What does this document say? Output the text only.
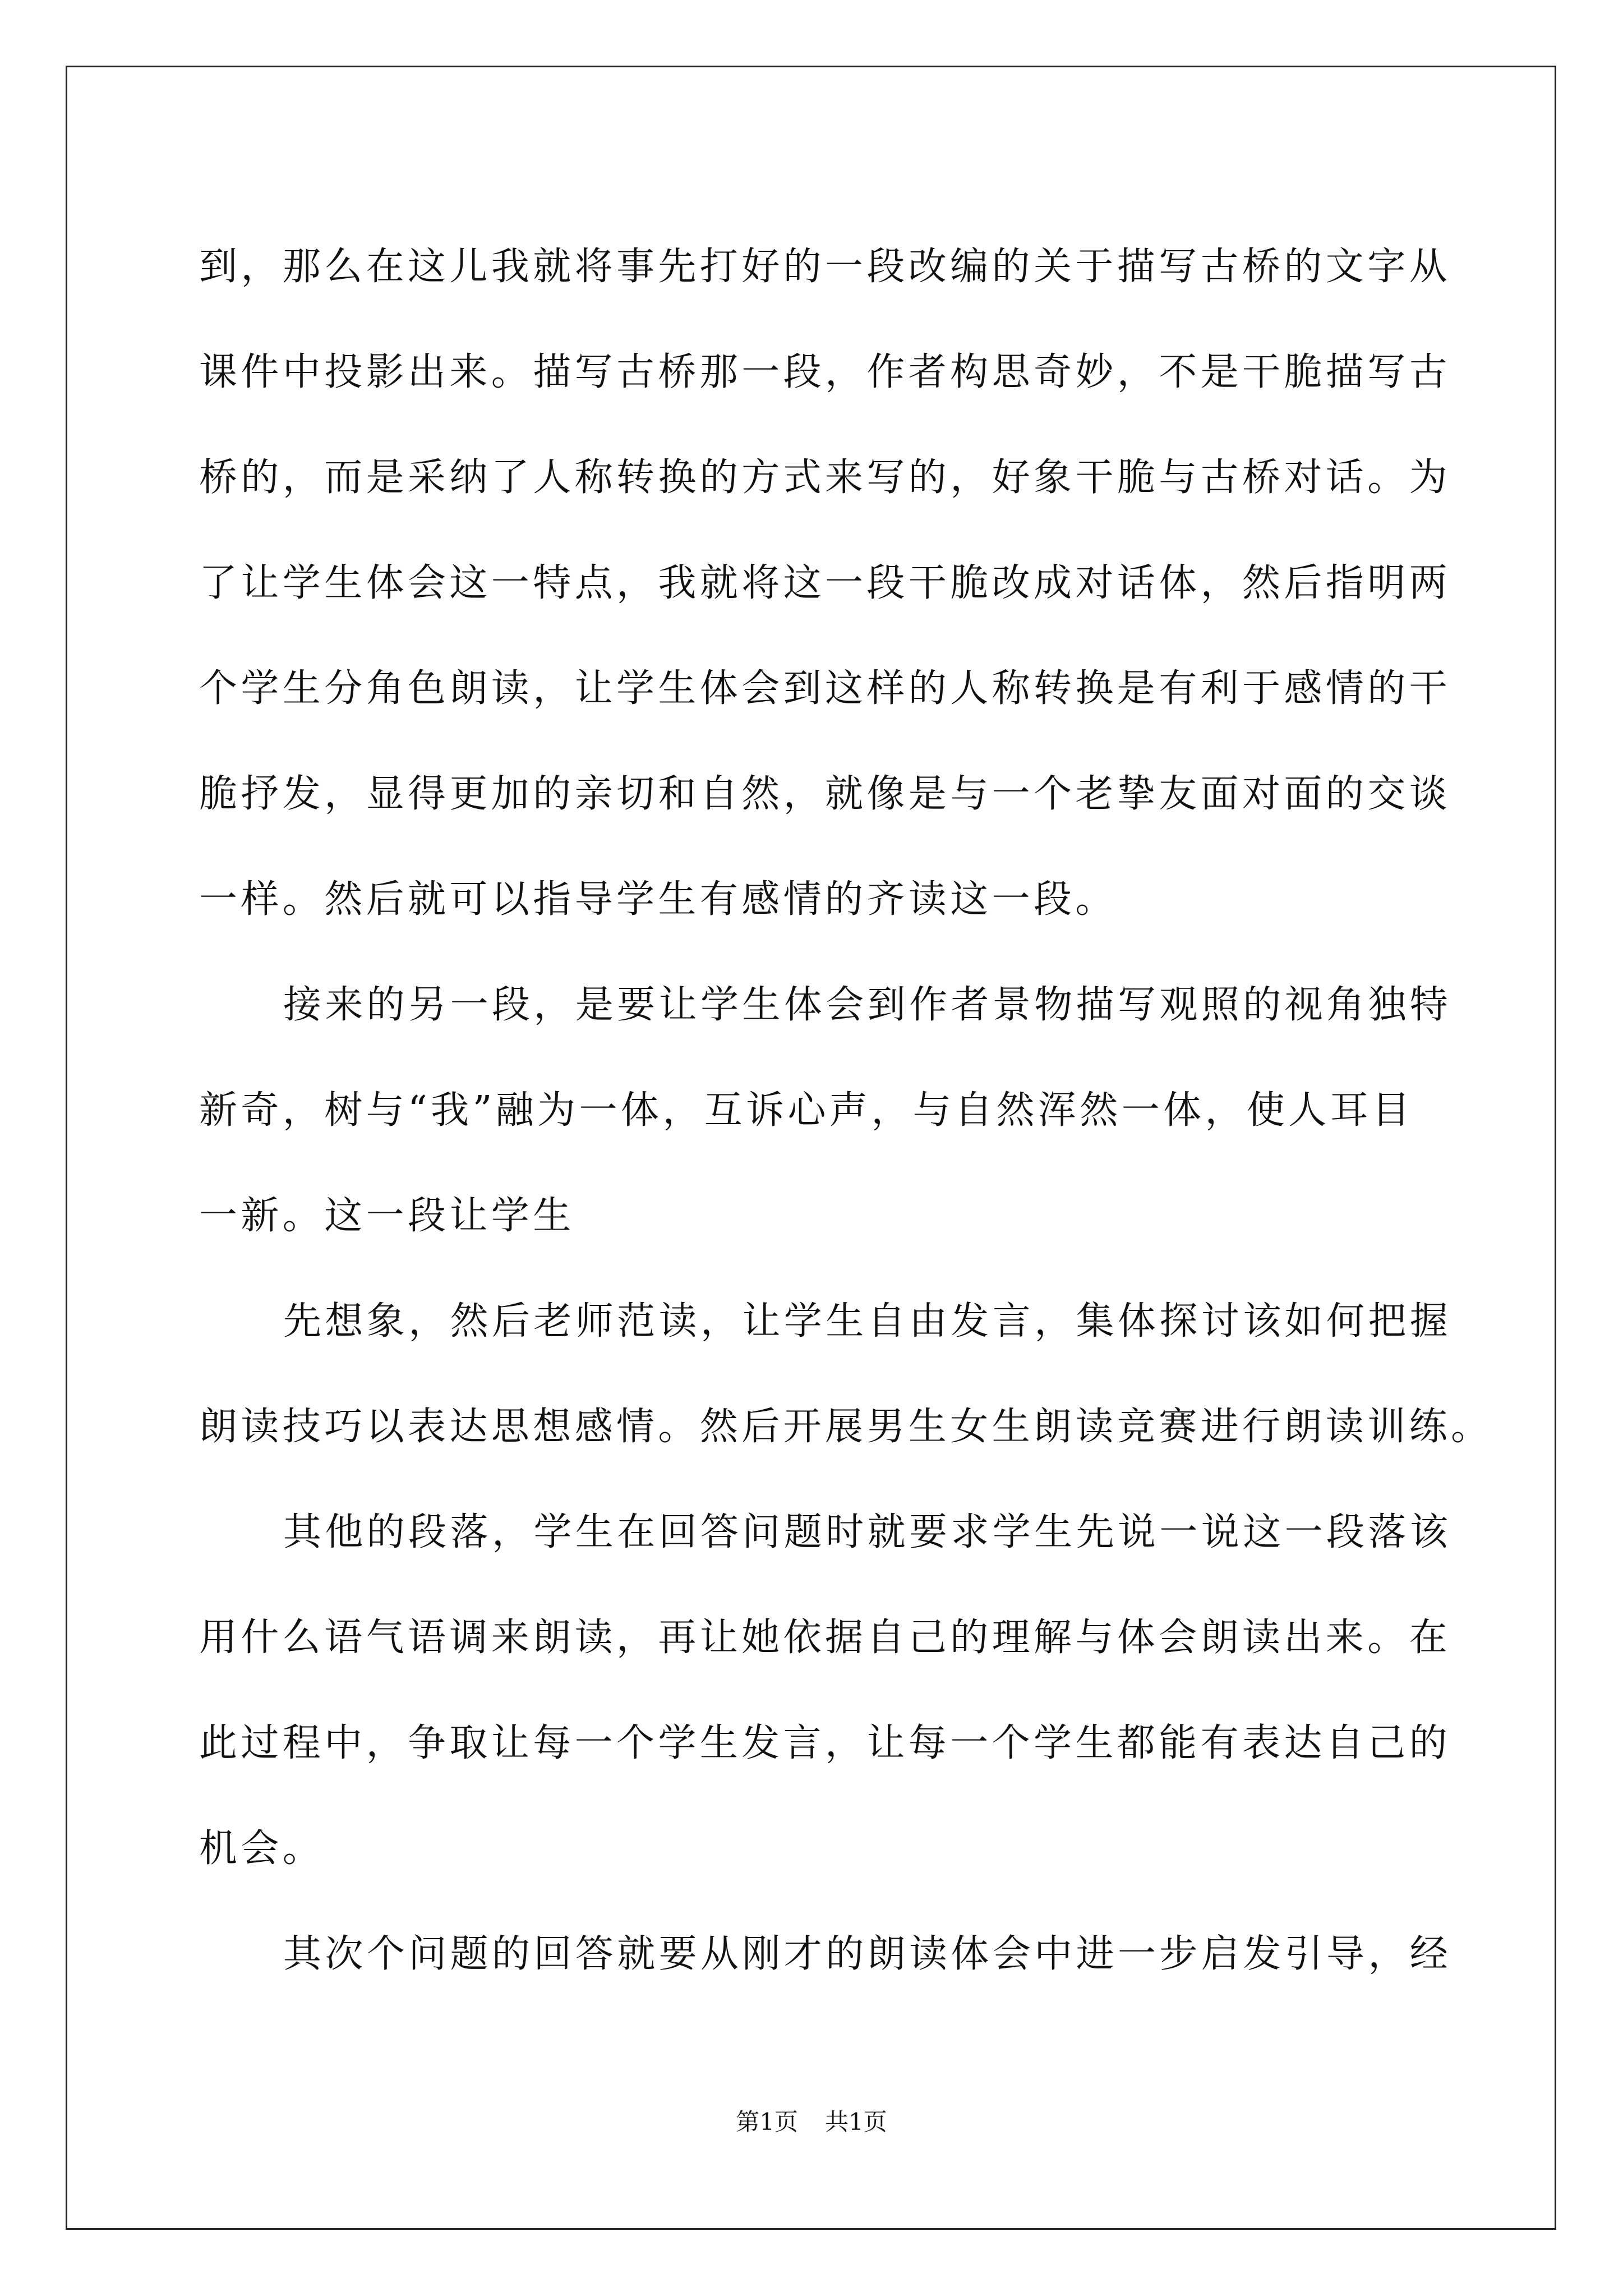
到，那么在这儿我就将事先打好的一段改编的关于描写古桥的文字从
课件中投影出来。描写古桥那一段，作者构思奇妙，不是干脆描写古
桥的，而是采纳了人称转换的方式来写的，好象干脆与古桥对话。为
了让学生体会这一特点，我就将这一段干脆改成对话体，然后指明两
个学生分角色朗读，让学生体会到这样的人称转换是有利于感情的干
脆抒发，显得更加的亲切和自然，就像是与一个老挚友面对面的交谈
一样。然后就可以指导学生有感情的齐读这一段。
接来的另一段，是要让学生体会到作者景物描写观照的视角独特
新奇，树与“我”融为一体，互诉心声，与自然浑然一体，使人耳目
一新。这一段让学生
先想象，然后老师范读，让学生自由发言，集体探讨该如何把握
朗读技巧以表达思想感情。然后开展男生女生朗读竞赛进行朗读训练。
其他的段落，学生在回答问题时就要求学生先说一说这一段落该
用什么语气语调来朗读，再让她依据自己的理解与体会朗读出来。在
此过程中，争取让每一个学生发言，让每一个学生都能有表达自己的
机会。
其次个问题的回答就要从刚才的朗读体会中进一步启发引导，经
第1页 共1页
